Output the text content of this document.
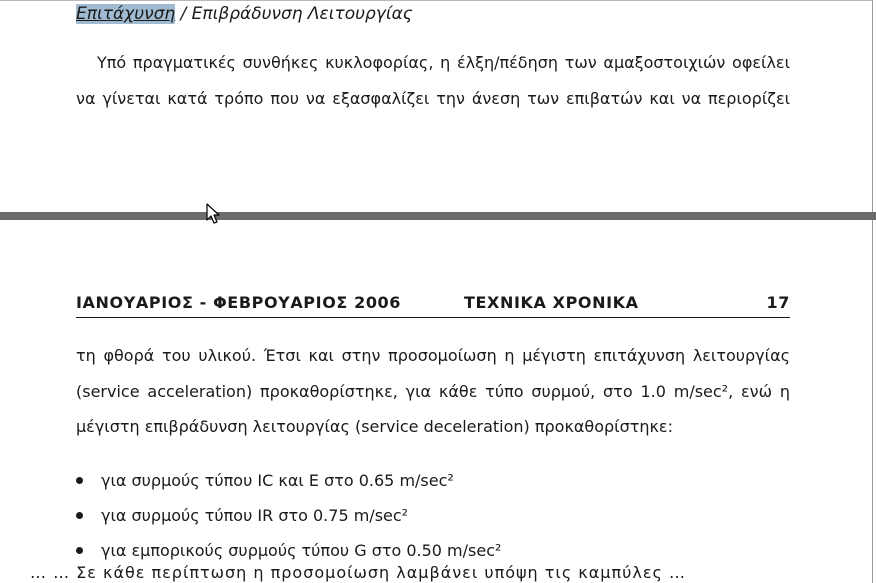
Επιτάχυνση / Επιβράδυνση Λειτουργίας
Υπό πραγματικές συνθήκες κυκλοφορίας, η έλξη/πέδηση των αμαξοστοιχιών οφείλει
να γίνεται κατά τρόπο που να εξασφαλίζει την άνεση των επιβατών και να περιορίζει
ΙΑΝΟΥΑΡΙΟΣ - ΦΕΒΡΟΥΑΡΙΟΣ 2006	ΤΕΧΝΙΚΑ ΧΡΟΝΙΚΑ	17
τη φθορά του υλικού. Έτσι και στην προσομοίωση η μέγιστη επιτάχυνση λειτουργίας
(service acceleration) προκαθορίστηκε, για κάθε τύπο συρμού, στο 1.0 m/sec², ενώ η
μέγιστη επιβράδυνση λειτουργίας (service deceleration) προκαθορίστηκε:
για συρμούς τύπου IC και Ε στο 0.65 m/sec²
για συρμούς τύπου IR στο 0.75 m/sec²
για εμπορικούς συρμούς τύπου G στο 0.50 m/sec²
… … Σε κάθε περίπτωση η προσομοίωση λαμβάνει υπόψη τις καμπύλες …
